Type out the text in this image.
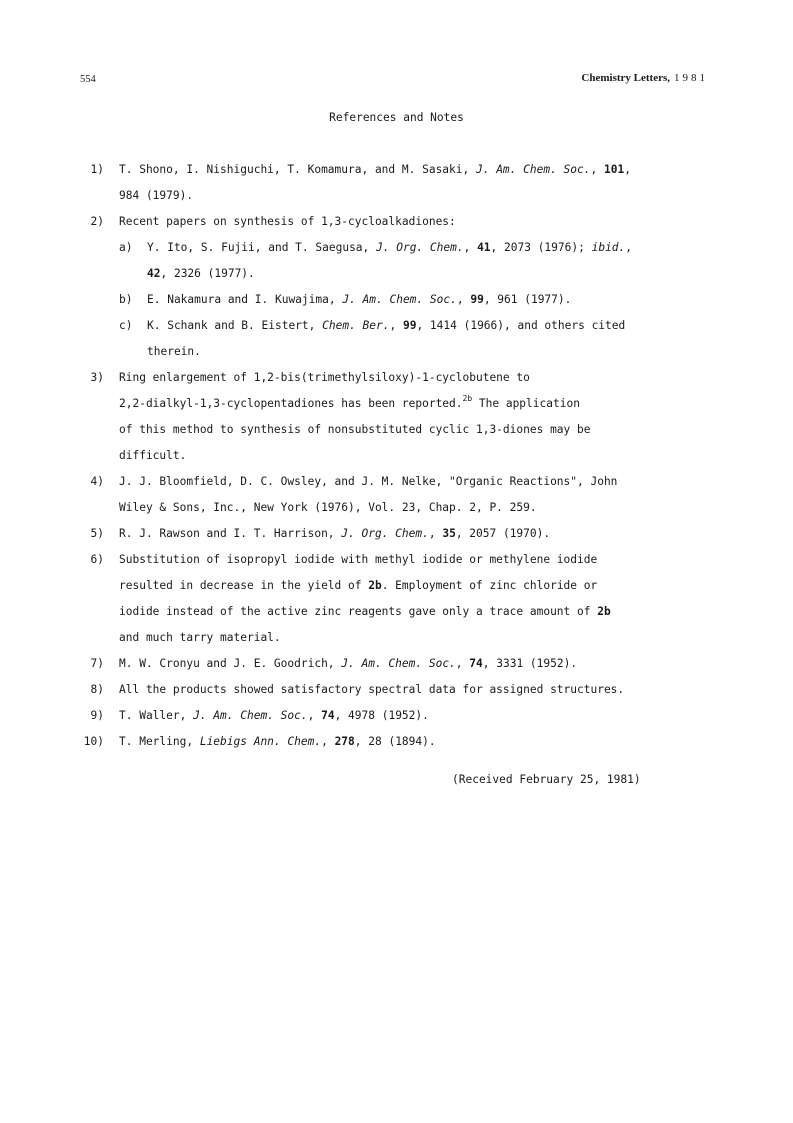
554	Chemistry Letters, 1981
References and Notes
1) T. Shono, I. Nishiguchi, T. Komamura, and M. Sasaki, J. Am. Chem. Soc., 101,
984 (1979).
2) Recent papers on synthesis of 1,3-cycloalkadiones:
a) Y. Ito, S. Fujii, and T. Saegusa, J. Org. Chem., 41, 2073 (1976); ibid.,
42, 2326 (1977).
b) E. Nakamura and I. Kuwajima, J. Am. Chem. Soc., 99, 961 (1977).
c) K. Schank and B. Eistert, Chem. Ber., 99, 1414 (1966), and others cited
therein.
3) Ring enlargement of 1,2-bis(trimethylsiloxy)-1-cyclobutene to
2,2-dialkyl-1,3-cyclopentadiones has been reported.$^{2b}$ The application
of this method to synthesis of nonsubstituted cyclic 1,3-diones may be
difficult.
4) J. J. Bloomfield, D. C. Owsley, and J. M. Nelke, "Organic Reactions", John
Wiley & Sons, Inc., New York (1976), Vol. 23, Chap. 2, P. 259.
5) R. J. Rawson and I. T. Harrison, J. Org. Chem., 35, 2057 (1970).
6) Substitution of isopropyl iodide with methyl iodide or methylene iodide
resulted in decrease in the yield of 2b. Employment of zinc chloride or
iodide instead of the active zinc reagents gave only a trace amount of 2b
and much tarry material.
7) M. W. Cronyu and J. E. Goodrich, J. Am. Chem. Soc., 74, 3331 (1952).
8) All the products showed satisfactory spectral data for assigned structures.
9) T. Waller, J. Am. Chem. Soc., 74, 4978 (1952).
10) T. Merling, Liebigs Ann. Chem., 278, 28 (1894).
(Received February 25, 1981)
